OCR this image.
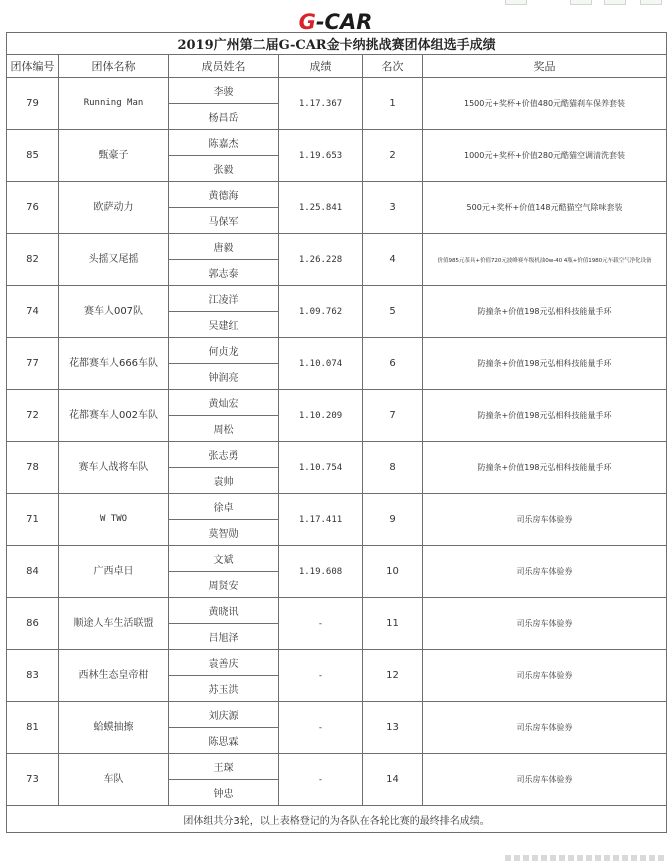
G-CAR
2019广州第二届G-CAR金卡纳挑战赛团体组选手成绩					
团体编号	团体名称	成员姓名	成绩	名次	奖品
79	Running Man	李骏	1.17.367	1	1500元+奖杯+价值480元酷猫刹车保养套装
		杨昌岳			
85	甄豪子	陈嘉杰	1.19.653	2	1000元+奖杯+价值280元酷猫空调清洗套装
		张毅			
76	欧萨动力	黄德海	1.25.841	3	500元+奖杯+价值148元酷猫空气除味套装
		马保军			
82	头摇又尾摇	唐毅	1.26.228	4	价值985元茶具+价值720元波峰赛车级机油0w-40 4瓶+价值1980元车载空气净化设备
		郭志泰			
74	赛车人007队	江凌洋	1.09.762	5	防撞条+价值198元弘相科技能量手环
		吴建红			
77	花都赛车人666车队	何贞龙	1.10.074	6	防撞条+价值198元弘相科技能量手环
		钟润亮			
72	花都赛车人002车队	黄灿宏	1.10.209	7	防撞条+价值198元弘相科技能量手环
		周松			
78	赛车人战将车队	张志勇	1.10.754	8	防撞条+价值198元弘相科技能量手环
		袁帅			
71	W TWO	徐卓	1.17.411	9	司乐房车体验券
		莫智勋			
84	广西卓日	文斌	1.19.608	10	司乐房车体验券
		周贤安			
86	顺途人车生活联盟	黄晓讯	-	11	司乐房车体验券
		吕旭泽			
83	西林生态皇帝柑	袁善庆	-	12	司乐房车体验券
		苏玉洪			
81	蛤蟆抽擦	刘庆源	-	13	司乐房车体验券
		陈思霖			
73	车队	王琛	-	14	司乐房车体验券
		钟忠			
团体组共分3轮，以上表格登记的为各队在各轮比赛的最终排名成绩。					
